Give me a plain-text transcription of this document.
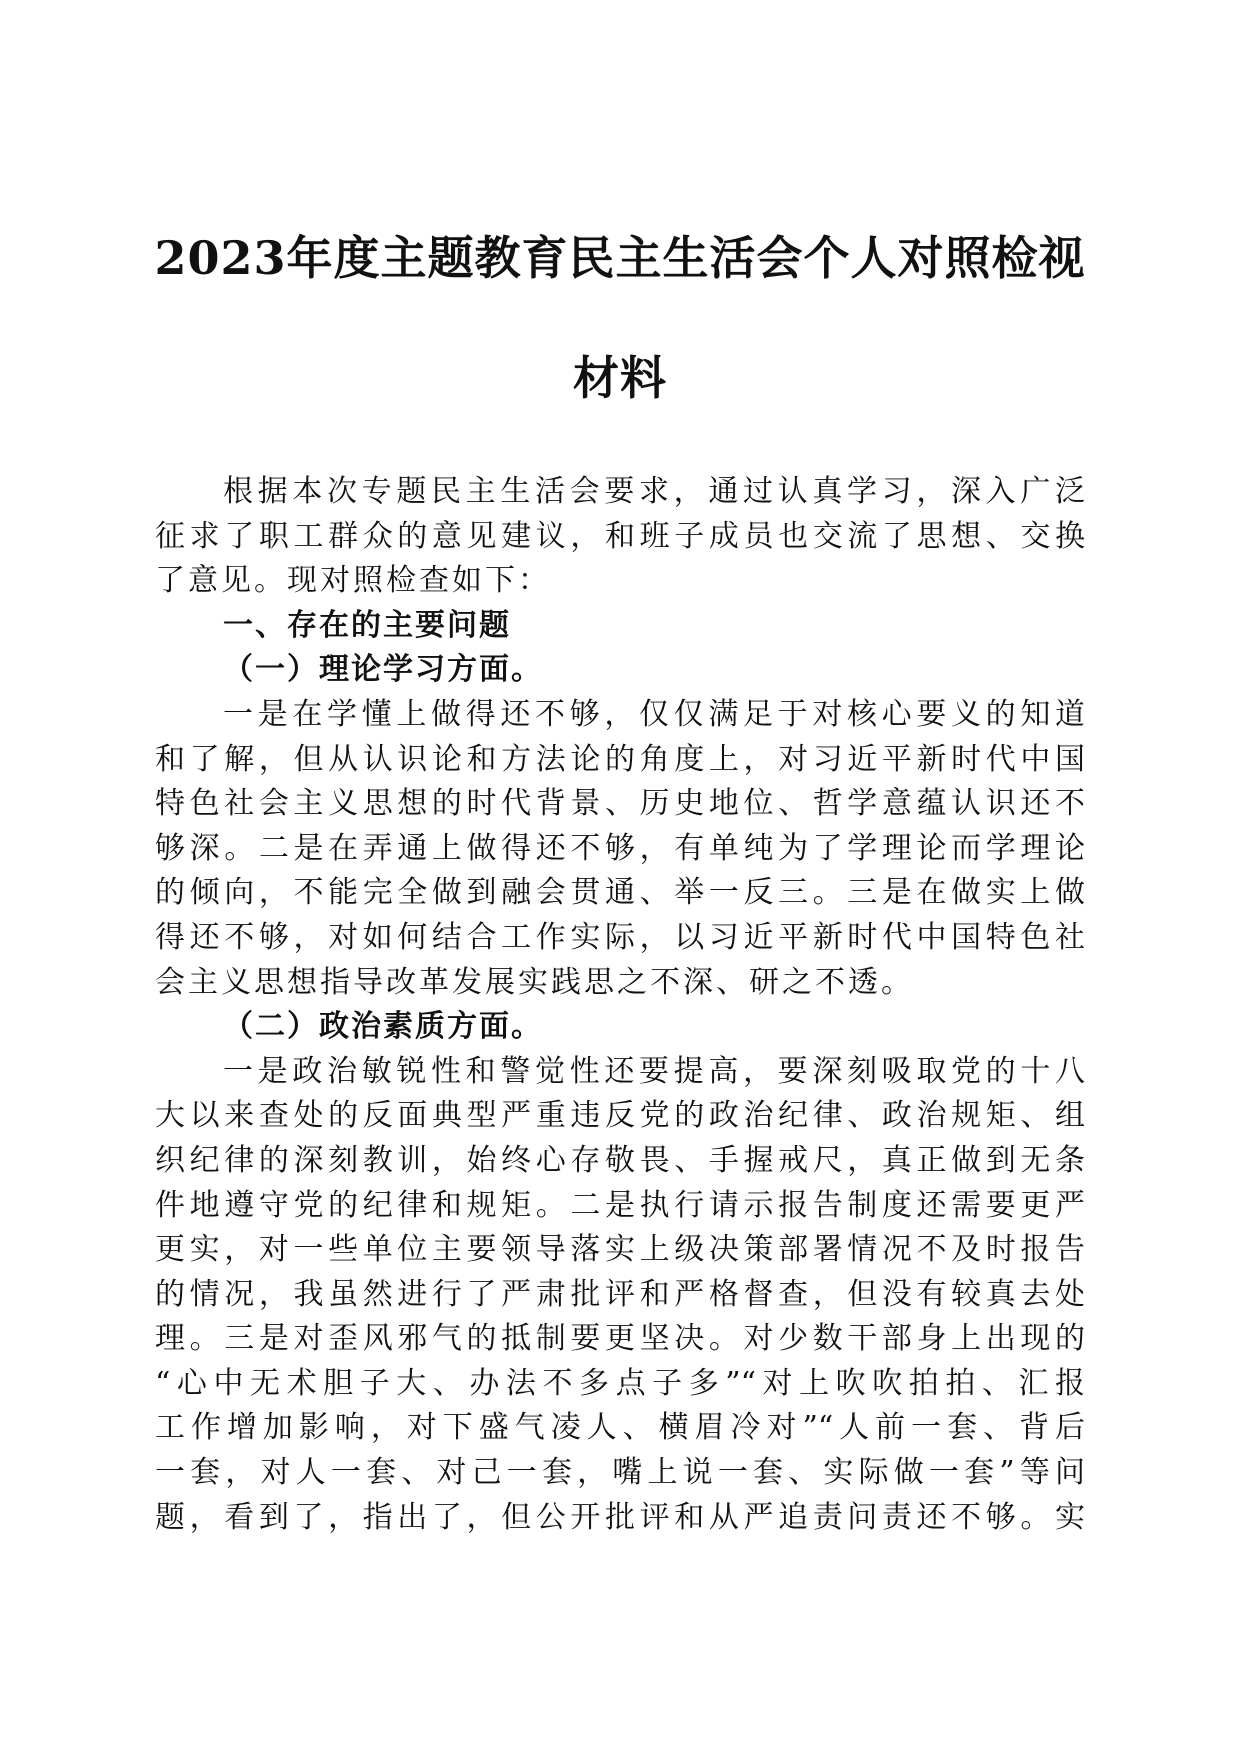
2023年度主题教育民主生活会个人对照检视
材料
根据本次专题民主生活会要求，通过认真学习，深入广泛
征求了职工群众的意见建议，和班子成员也交流了思想、交换
了意见。现对照检查如下：
一、存在的主要问题
（一）理论学习方面。
一是在学懂上做得还不够，仅仅满足于对核心要义的知道
和了解，但从认识论和方法论的角度上，对习近平新时代中国
特色社会主义思想的时代背景、历史地位、哲学意蕴认识还不
够深。二是在弄通上做得还不够，有单纯为了学理论而学理论
的倾向，不能完全做到融会贯通、举一反三。三是在做实上做
得还不够，对如何结合工作实际，以习近平新时代中国特色社
会主义思想指导改革发展实践思之不深、研之不透。
（二）政治素质方面。
一是政治敏锐性和警觉性还要提高，要深刻吸取党的十八
大以来查处的反面典型严重违反党的政治纪律、政治规矩、组
织纪律的深刻教训，始终心存敬畏、手握戒尺，真正做到无条
件地遵守党的纪律和规矩。二是执行请示报告制度还需要更严
更实，对一些单位主要领导落实上级决策部署情况不及时报告
的情况，我虽然进行了严肃批评和严格督查，但没有较真去处
理。三是对歪风邪气的抵制要更坚决。对少数干部身上出现的
“心中无术胆子大、办法不多点子多”“对上吹吹拍拍、汇报
工作增加影响，对下盛气凌人、横眉冷对”“人前一套、背后
一套，对人一套、对己一套，嘴上说一套、实际做一套”等问
题，看到了，指出了，但公开批评和从严追责问责还不够。实
